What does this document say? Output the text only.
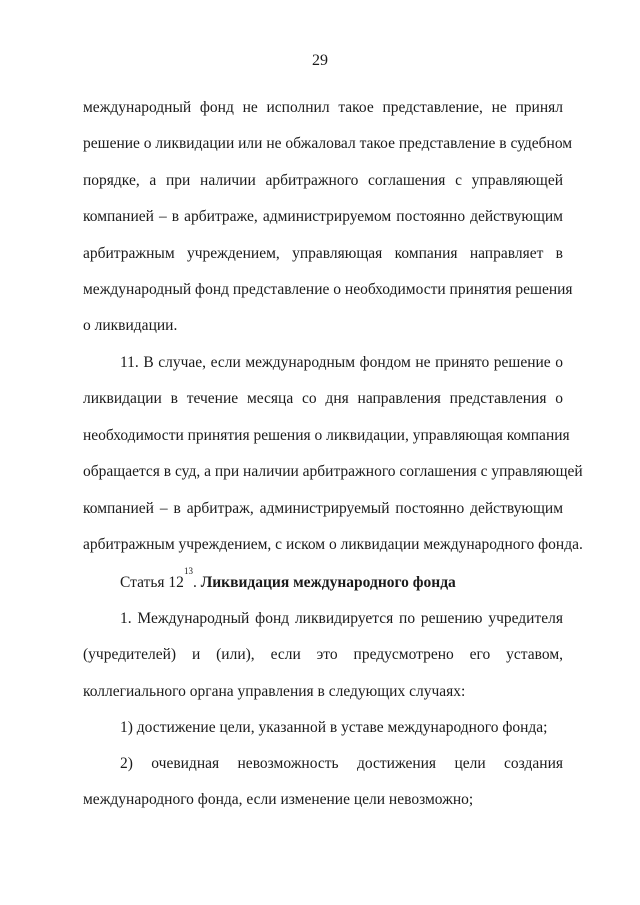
29
международный фонд не исполнил такое представление, не принял
решение о ликвидации или не обжаловал такое представление в судебном
порядке, а при наличии арбитражного соглашения с управляющей
компанией – в арбитраже, администрируемом постоянно действующим
арбитражным учреждением, управляющая компания направляет в
международный фонд представление о необходимости принятия решения
о ликвидации.
11. В случае, если международным фондом не принято решение о
ликвидации в течение месяца со дня направления представления о
необходимости принятия решения о ликвидации, управляющая компания
обращается в суд, а при наличии арбитражного соглашения с управляющей
компанией – в арбитраж, администрируемый постоянно действующим
арбитражным учреждением, с иском о ликвидации международного фонда.
Статья $12^{13}$. Ликвидация международного фонда
1. Международный фонд ликвидируется по решению учредителя
(учредителей) и (или), если это предусмотрено его уставом,
коллегиального органа управления в следующих случаях:
1) достижение цели, указанной в уставе международного фонда;
2) очевидная невозможность достижения цели создания
международного фонда, если изменение цели невозможно;
